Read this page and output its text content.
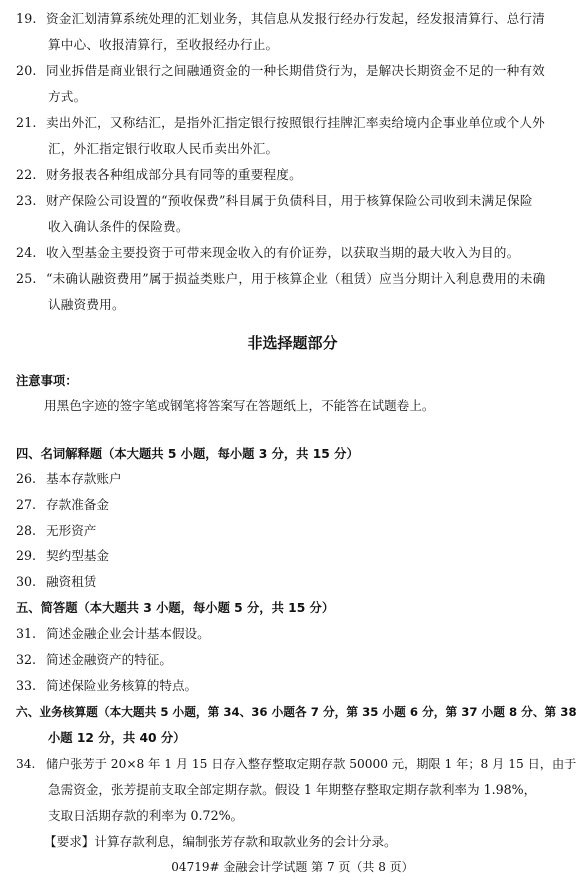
19. 资金汇划清算系统处理的汇划业务，其信息从发报行经办行发起，经发报清算行、总行清
算中心、收报清算行，至收报经办行止。
20. 同业拆借是商业银行之间融通资金的一种长期借贷行为，是解决长期资金不足的一种有效
方式。
21. 卖出外汇，又称结汇，是指外汇指定银行按照银行挂牌汇率卖给境内企事业单位或个人外
汇，外汇指定银行收取人民币卖出外汇。
22. 财务报表各种组成部分具有同等的重要程度。
23. 财产保险公司设置的“预收保费”科目属于负债科目，用于核算保险公司收到未满足保险
收入确认条件的保险费。
24. 收入型基金主要投资于可带来现金收入的有价证券，以获取当期的最大收入为目的。
25. “未确认融资费用”属于损益类账户，用于核算企业（租赁）应当分期计入利息费用的未确
认融资费用。
非选择题部分
注意事项：
用黑色字迹的签字笔或钢笔将答案写在答题纸上，不能答在试题卷上。
四、名词解释题（本大题共 5 小题，每小题 3 分，共 15 分）
26. 基本存款账户
27. 存款准备金
28. 无形资产
29. 契约型基金
30. 融资租赁
五、简答题（本大题共 3 小题，每小题 5 分，共 15 分）
31. 简述金融企业会计基本假设。
32. 简述金融资产的特征。
33. 简述保险业务核算的特点。
六、业务核算题（本大题共 5 小题，第 34、36 小题各 7 分，第 35 小题 6 分，第 37 小题 8 分、第 38
小题 12 分，共 40 分）
34. 储户张芳于 20×8 年 1 月 15 日存入整存整取定期存款 50000 元，期限 1 年；8 月 15 日，由于
急需资金，张芳提前支取全部定期存款。假设 1 年期整存整取定期存款利率为 1.98%，
支取日活期存款的利率为 0.72%。
【要求】计算存款利息，编制张芳存款和取款业务的会计分录。
04719# 金融会计学试题 第 7 页（共 8 页）
